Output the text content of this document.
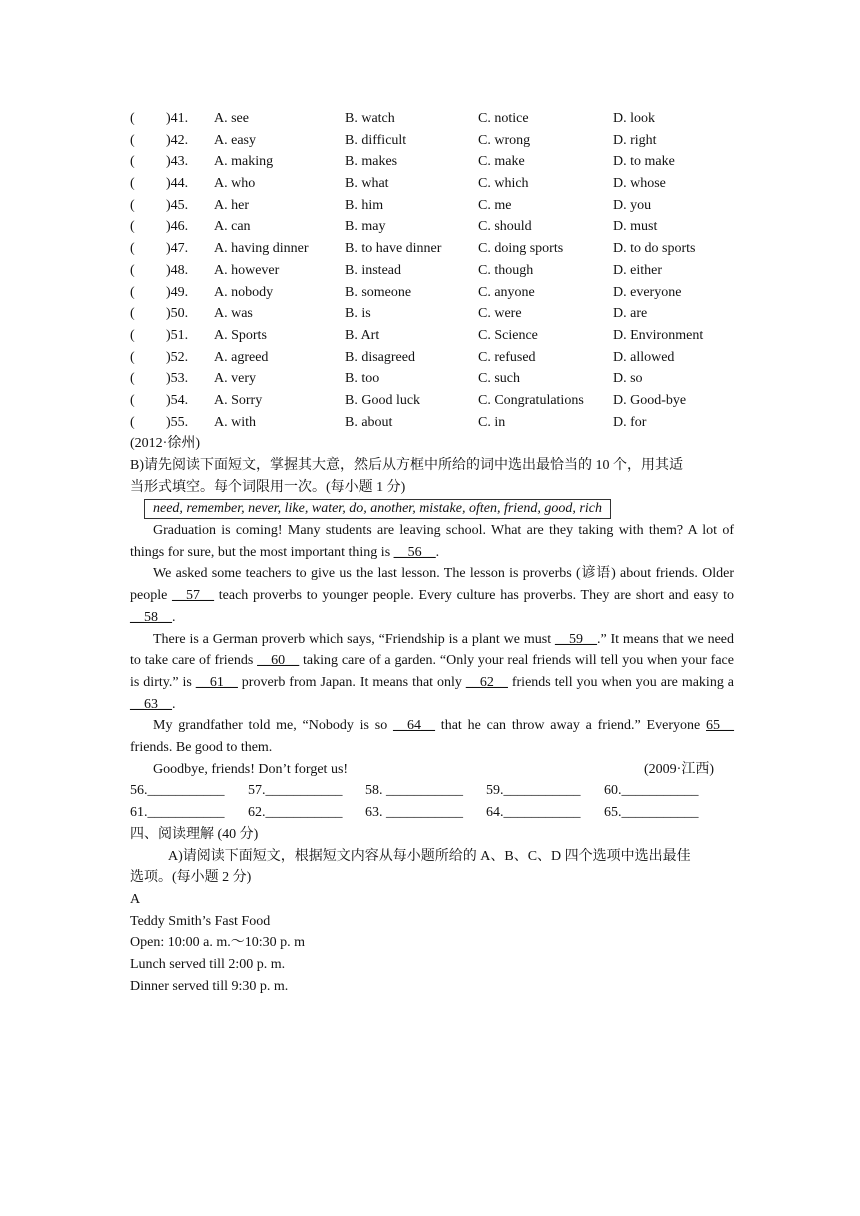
( )41. A. see	B. watch	C. notice	D. look
( )42. A. easy	B. difficult	C. wrong	D. right
( )43. A. making	B. makes	C. make	D. to make
( )44. A. who	B. what	C. which	D. whose
( )45. A. her	B. him	C. me	D. you
( )46. A. can	B. may	C. should	D. must
( )47. A. having dinner	B. to have dinner	C. doing sports	D. to do sports
( )48. A. however	B. instead	C. though	D. either
( )49. A. nobody	B. someone	C. anyone	D. everyone
( )50. A. was	B. is	C. were	D. are
( )51. A. Sports	B. Art	C. Science	D. Environment
( )52. A. agreed	B. disagreed	C. refused	D. allowed
( )53. A. very	B. too	C. such	D. so
( )54. A. Sorry	B. Good luck	C. Congratulations D. Good-bye
( )55. A. with	B. about	C. in	D. for
(2012·徐州)
B)请先阅读下面短文，掌握其大意，然后从方框中所给的词中选出最恰当的 10 个，用其适
当形式填空。每个词限用一次。(每小题 1 分)
need, remember, never, like, water, do, another, mistake, often, friend, good, rich
Graduation is coming! Many students are leaving school. What are they taking with them? A lot of things for sure, but the most important thing is __56__.
We asked some teachers to give us the last lesson. The lesson is proverbs (谚语) about friends. Older people __57__ teach proverbs to younger people. Every culture has proverbs. They are short and easy to __58__.
There is a German proverb which says, “Friendship is a plant we must __59__.” It means that we need to take care of friends __60__ taking care of a garden. “Only your real friends will tell you when your face is dirty.” is __61__ proverb from Japan. It means that only __62__ friends tell you when you are making a __63__.
My grandfather told me, “Nobody is so __64__ that he can throw away a friend.” Everyone 65__ friends. Be good to them.
Goodbye, friends! Don’t forget us!	(2009·江西)
56.___________ 57.___________ 58. ___________ 59.___________ 60.___________
61.___________ 62.___________ 63. ___________ 64.___________ 65.___________
四、阅读理解 (40 分)
A)请阅读下面短文，根据短文内容从每小题所给的 A、B、C、D 四个选项中选出最佳
选项。(每小题 2 分)
A
Teddy Smith’s Fast Food
Open: 10:00 a. m.～10:30 p. m
Lunch served till 2:00 p. m.
Dinner served till 9:30 p. m.
